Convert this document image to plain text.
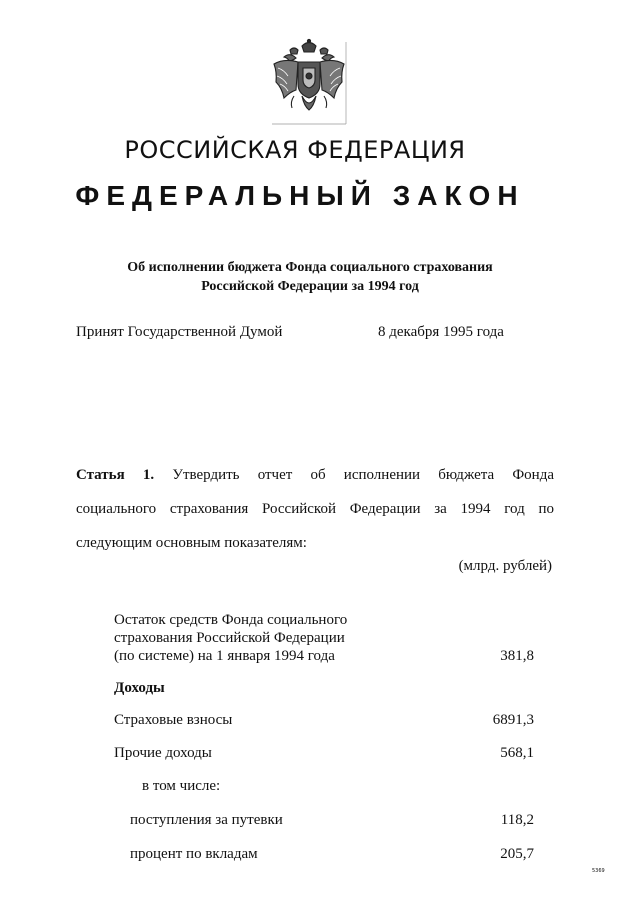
РОССИЙСКАЯ ФЕДЕРАЦИЯ
ФЕДЕРАЛЬНЫЙ ЗАКОН
Об исполнении бюджета Фонда социального страхования
Российской Федерации за 1994 год
Принят Государственной Думой	8 декабря 1995 года
Статья 1. Утвердить отчет об исполнении бюджета Фонда
социального страхования Российской Федерации за 1994 год по
следующим основным показателям:
(млрд. рублей)
Остаток средств Фонда социального
страхования Российской Федерации
(по системе) на 1 января 1994 года	381,8
Доходы
Страховые взносы	6891,3
Прочие доходы	568,1
в том числе:
поступления за путевки	118,2
процент по вкладам	205,7
5369
